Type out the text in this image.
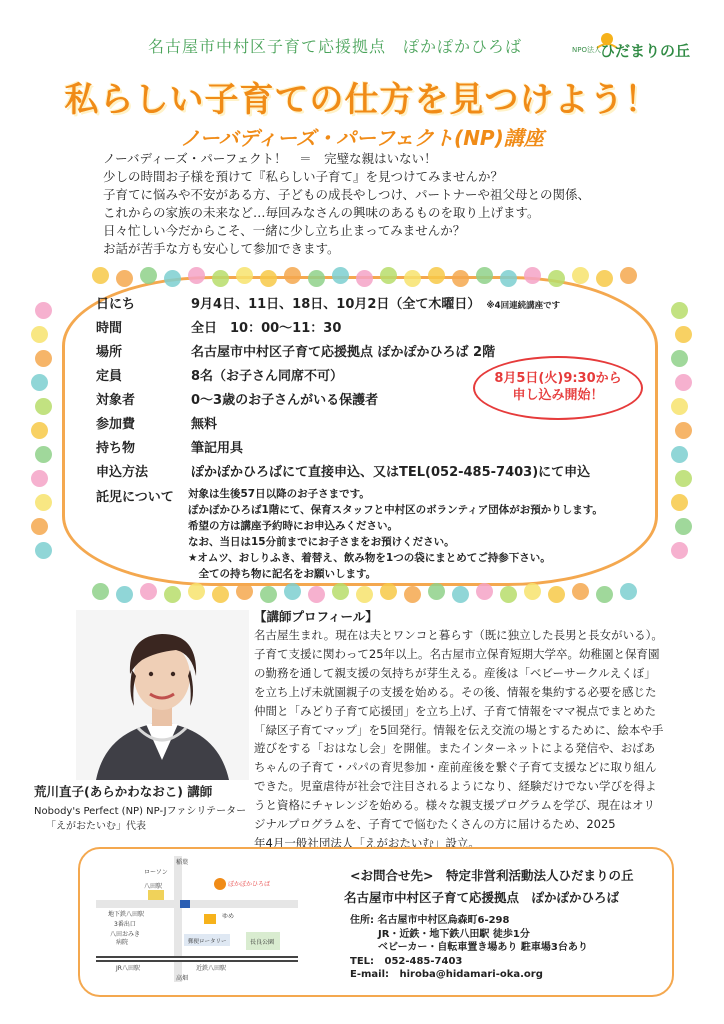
名古屋市中村区子育て応援拠点　ぽかぽかひろば	NPO法人 ひだまりの丘
私らしい子育ての仕方を見つけよう！
ノーバディーズ・パーフェクト(NP)講座

ノーバディーズ・パーフェクト！　＝　完璧な親はいない！

少しの時間お子様を預けて『私らしい子育て』を見つけてみませんか？

子育てに悩みや不安がある方、子どもの成長やしつけ、パートナーや祖父母との関係、

これからの家族の未来など…毎回みなさんの興味のあるものを取り上げます。

日々忙しい今だからこそ、一緒に少し立ち止まってみませんか？

お話が苦手な方も安心して参加できます。

日にち	9月4日、11日、18日、10月2日（全て木曜日） ※4回連続講座です
時間	全日　10：00～11：30
場所	名古屋市中村区子育て応援拠点 ぽかぽかひろば 2階
定員	8名（お子さん同席不可）
対象者	0～3歳のお子さんがいる保護者
参加費	無料
持ち物	筆記用具
申込方法	ぽかぽかひろばにて直接申込、又はTEL(052-485-7403)にて申込
8月5日(火)9:30から
申し込み開始！
託児について 対象は生後57日以降のお子さまです。

ぽかぽかひろば1階にて、保育スタッフと中村区のボランティア団体がお預かりします。

希望の方は講座予約時にお申込みください。

なお、当日は15分前までにお子さまをお預けください。

★オムツ、おしりふき、着替え、飲み物を1つの袋にまとめてご持参下さい。

　全ての持ち物に記名をお願いします。

荒川直子(あらかわなおこ) 講師
Nobody's Perfect (NP) NP-Jファシリテーター
「えがおたいむ」代表
【講師プロフィール】

名古屋生まれ。現在は夫とワンコと暮らす（既に独立した長男と長女がいる）。

子育て支援に関わって25年以上。名古屋市立保育短期大学卒。幼稚園と保育園

の勤務を通して親支援の気持ちが芽生える。産後は「ベビーサークルえくぼ」

を立ち上げ未就園親子の支援を始める。その後、情報を集約する必要を感じた

仲間と「みどり子育て応援団」を立ち上げ、子育て情報をママ視点でまとめた

「緑区子育てマップ」を5回発行。情報を伝え交流の場とするために、絵本や手

遊びをする「おはなし会」を開催。またインターネットによる発信や、おばあ

ちゃんの子育て・パパの育児参加・産前産後を繋ぐ子育て支援などに取り組ん

できた。児童虐待が社会で注目されるようになり、経験だけでない学びを得よ

うと資格にチャレンジを始める。様々な親支援プログラムを学び、現在はオリ

ジナルプログラムを、子育てで悩むたくさんの方に届けるため、2025

年4月一般社団法人「えがおたいむ」設立。

稲葉
ローソン
八田駅
地下鉄八田駅
3番出口
八田おみき
病院
ぽかぽかひろば
ゆめ
郵便ロータリー	長良公園
JR八田駅	近鉄八田駅
高畑
<お問合せ先>　特定非営利活動法人ひだまりの丘
名古屋市中村区子育て応援拠点　ぽかぽかひろば
住所: 名古屋市中村区烏森町6-298
JR・近鉄・地下鉄八田駅 徒歩1分
ベビーカー・自転車置き場あり 駐車場3台あり
TEL: 052-485-7403
E-mail: hiroba@hidamari-oka.org
